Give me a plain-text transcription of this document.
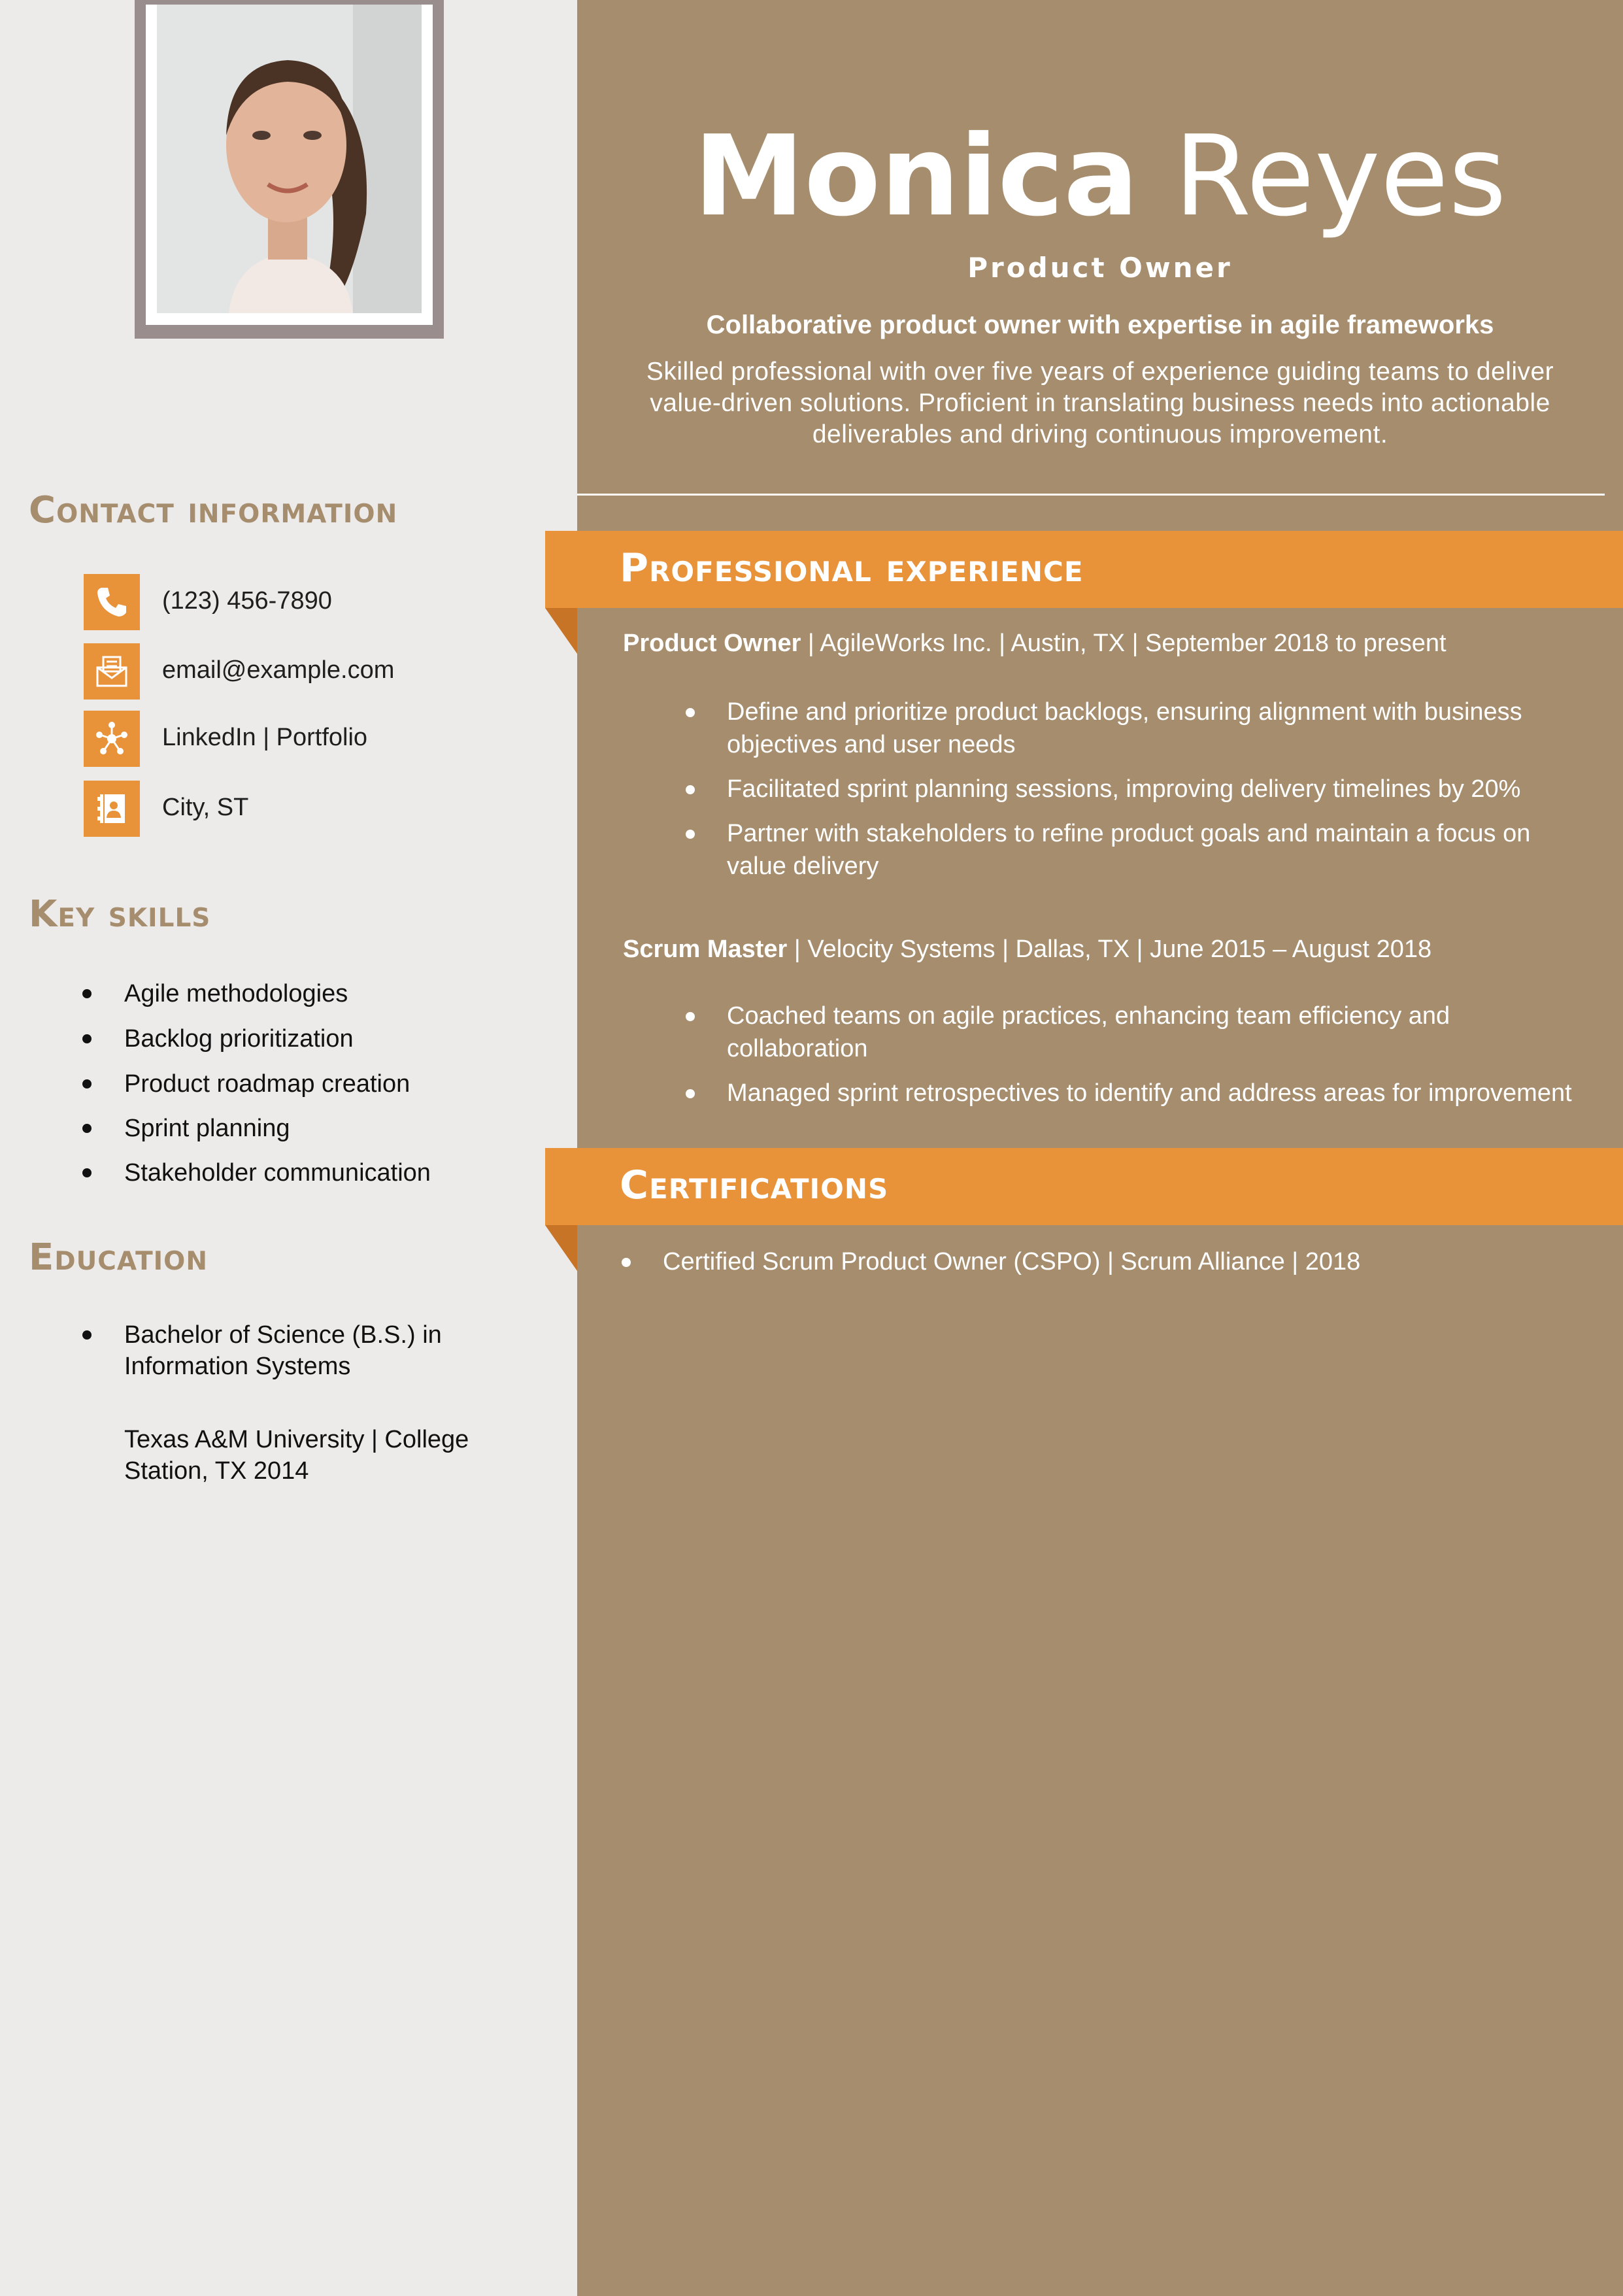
Contact information
(123) 456-7890
email@example.com
LinkedIn | Portfolio
City, ST
Key skills
Agile methodologies
Backlog prioritization
Product roadmap creation
Sprint planning
Stakeholder communication
Education
Bachelor of Science (B.S.) in Information Systems
Texas A&M University | College Station, TX 2014
Monica Reyes
Product Owner
Collaborative product owner with expertise in agile frameworks
Skilled professional with over five years of experience guiding teams to deliver value-driven solutions. Proficient in translating business needs into actionable deliverables and driving continuous improvement.
Professional experience
Product Owner | AgileWorks Inc. | Austin, TX | September 2018 to present
Define and prioritize product backlogs, ensuring alignment with business objectives and user needs
Facilitated sprint planning sessions, improving delivery timelines by 20%
Partner with stakeholders to refine product goals and maintain a focus on value delivery
Scrum Master | Velocity Systems | Dallas, TX | June 2015 – August 2018
Coached teams on agile practices, enhancing team efficiency and collaboration
Managed sprint retrospectives to identify and address areas for improvement
Certifications
Certified Scrum Product Owner (CSPO) | Scrum Alliance | 2018
